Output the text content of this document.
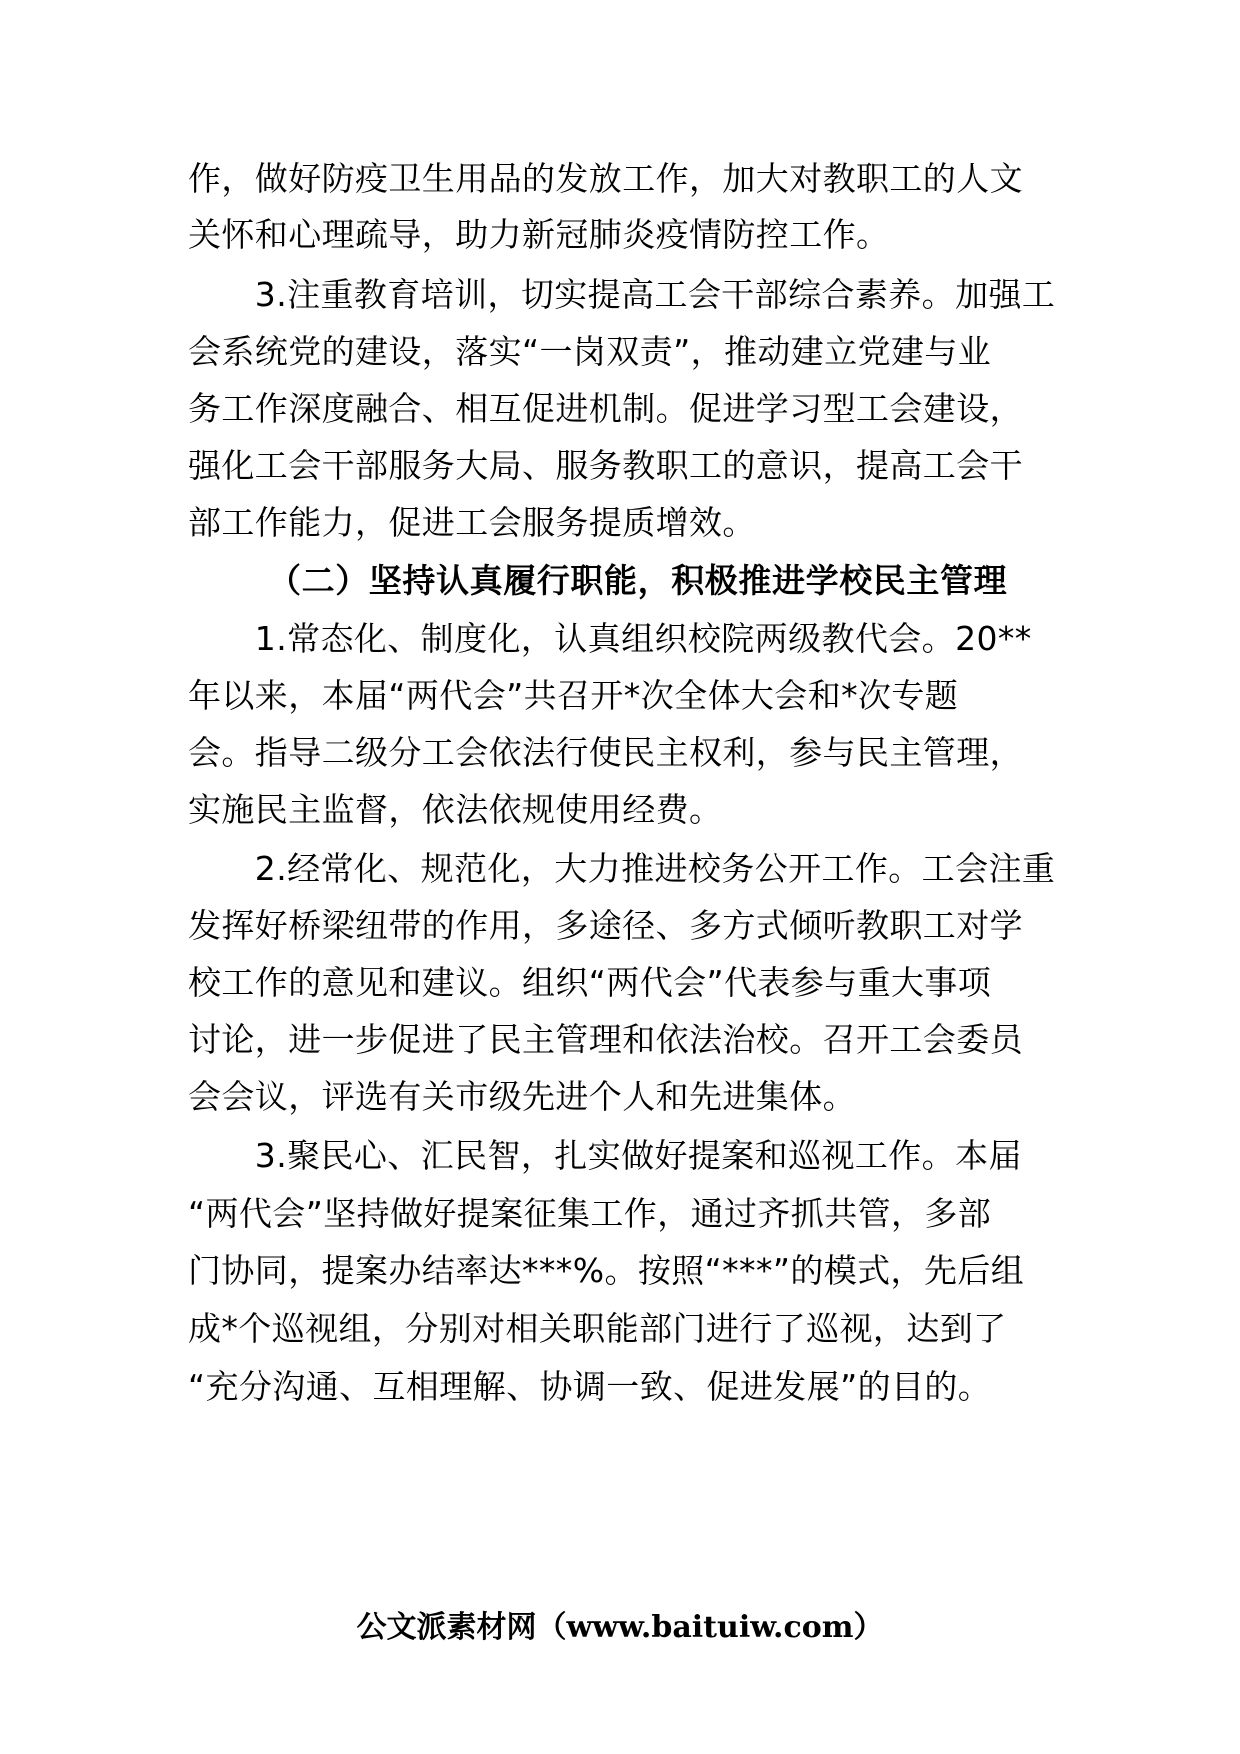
作，做好防疫卫生用品的发放工作，加大对教职工的人文
关怀和心理疏导，助力新冠肺炎疫情防控工作。
　　3.注重教育培训，切实提高工会干部综合素养。加强工
会系统党的建设，落实“一岗双责”，推动建立党建与业
务工作深度融合、相互促进机制。促进学习型工会建设，
强化工会干部服务大局、服务教职工的意识，提高工会干
部工作能力，促进工会服务提质增效。
（二）坚持认真履行职能，积极推进学校民主管理
　　1.常态化、制度化，认真组织校院两级教代会。20**
年以来，本届“两代会”共召开*次全体大会和*次专题
会。指导二级分工会依法行使民主权利，参与民主管理，
实施民主监督，依法依规使用经费。
　　2.经常化、规范化，大力推进校务公开工作。工会注重
发挥好桥梁纽带的作用，多途径、多方式倾听教职工对学
校工作的意见和建议。组织“两代会”代表参与重大事项
讨论，进一步促进了民主管理和依法治校。召开工会委员
会会议，评选有关市级先进个人和先进集体。
　　3.聚民心、汇民智，扎实做好提案和巡视工作。本届
“两代会”坚持做好提案征集工作，通过齐抓共管，多部
门协同，提案办结率达***%。按照“***”的模式，先后组
成*个巡视组，分别对相关职能部门进行了巡视，达到了
“充分沟通、互相理解、协调一致、促进发展”的目的。
公文派素材网（www.baituiw.com）
